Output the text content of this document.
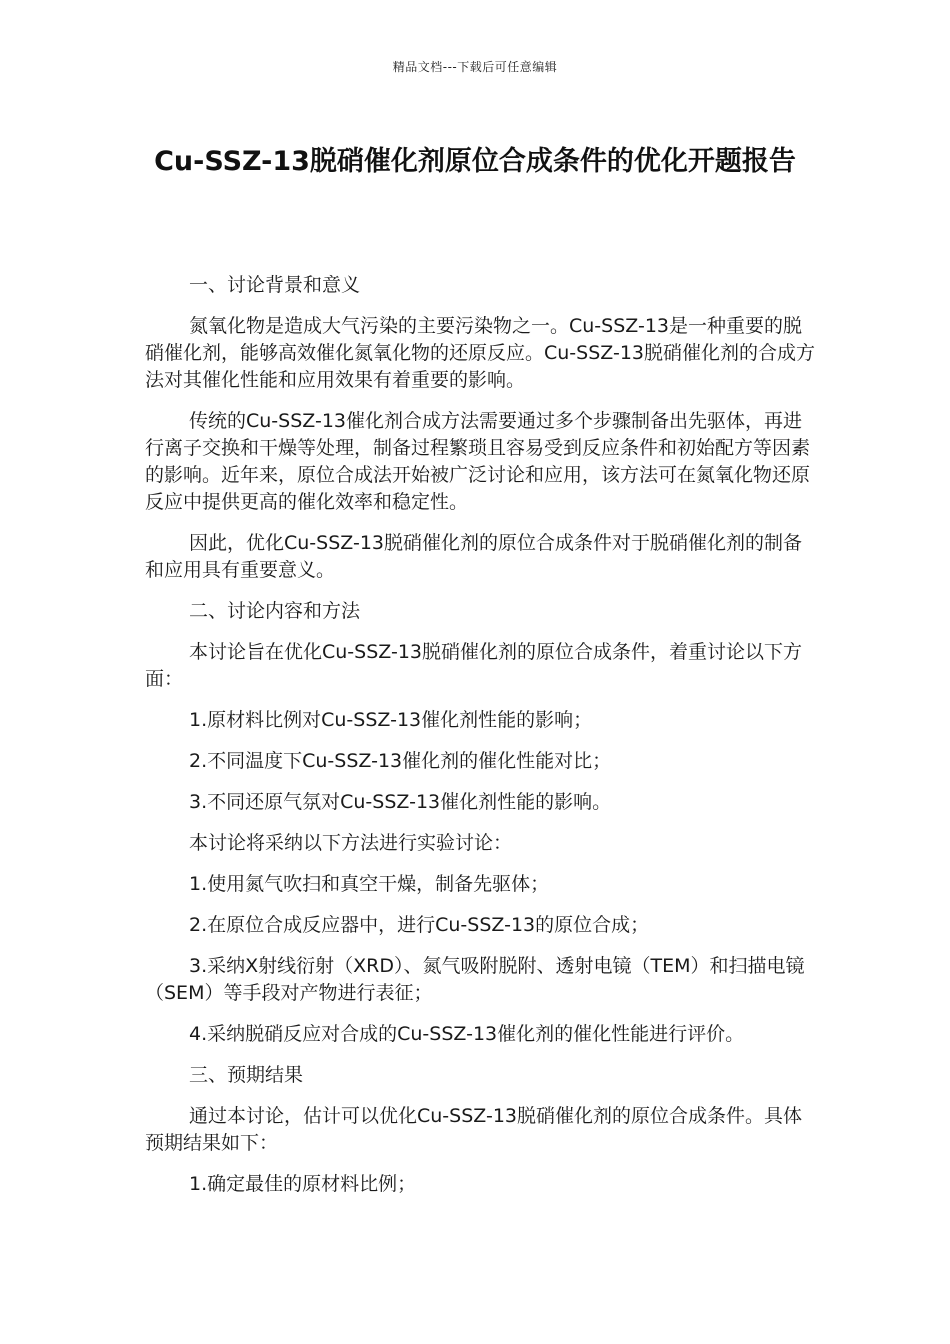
精品文档---下载后可任意编辑
Cu-SSZ-13脱硝催化剂原位合成条件的优化开题报告

一、讨论背景和意义

氮氧化物是造成大气污染的主要污染物之一。Cu-SSZ-13是一种重要的脱硝催化剂，能够高效催化氮氧化物的还原反应。Cu-SSZ-13脱硝催化剂的合成方法对其催化性能和应用效果有着重要的影响。

传统的Cu-SSZ-13催化剂合成方法需要通过多个步骤制备出先驱体，再进行离子交换和干燥等处理，制备过程繁琐且容易受到反应条件和初始配方等因素的影响。近年来，原位合成法开始被广泛讨论和应用，该方法可在氮氧化物还原反应中提供更高的催化效率和稳定性。

因此，优化Cu-SSZ-13脱硝催化剂的原位合成条件对于脱硝催化剂的制备和应用具有重要意义。

二、讨论内容和方法

本讨论旨在优化Cu-SSZ-13脱硝催化剂的原位合成条件，着重讨论以下方面：

1.原材料比例对Cu-SSZ-13催化剂性能的影响；

2.不同温度下Cu-SSZ-13催化剂的催化性能对比；

3.不同还原气氛对Cu-SSZ-13催化剂性能的影响。

本讨论将采纳以下方法进行实验讨论：

1.使用氮气吹扫和真空干燥，制备先驱体；

2.在原位合成反应器中，进行Cu-SSZ-13的原位合成；

3.采纳X射线衍射（XRD）、氮气吸附脱附、透射电镜（TEM）和扫描电镜（SEM）等手段对产物进行表征；

4.采纳脱硝反应对合成的Cu-SSZ-13催化剂的催化性能进行评价。

三、预期结果

通过本讨论，估计可以优化Cu-SSZ-13脱硝催化剂的原位合成条件。具体预期结果如下：

1.确定最佳的原材料比例；
